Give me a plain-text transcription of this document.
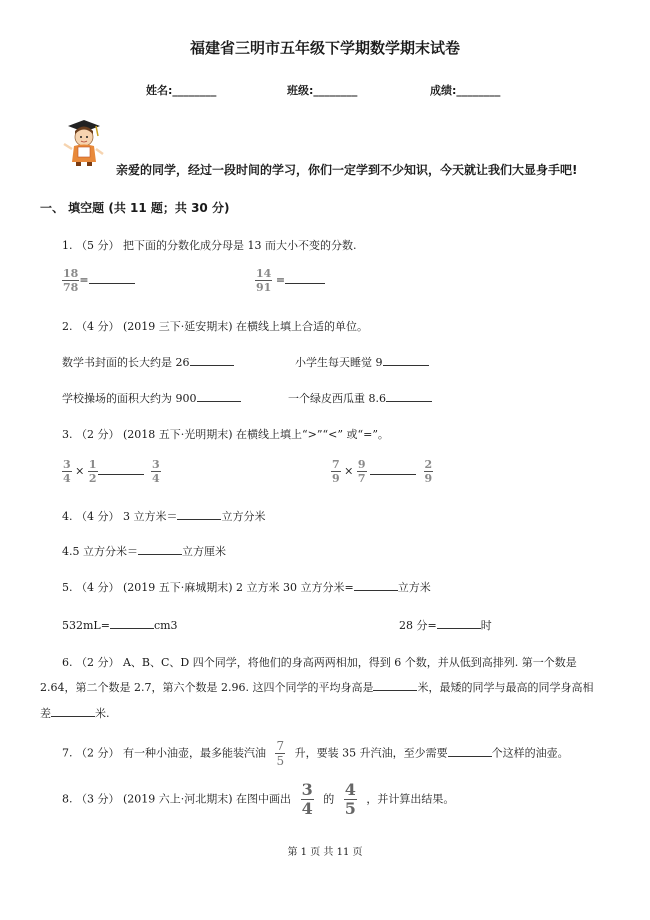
福建省三明市五年级下学期数学期末试卷
姓名:________	班级:________	成绩:________
亲爱的同学，经过一段时间的学习，你们一定学到不少知识，今天就让我们大显身手吧!
一、 填空题 (共 11 题；共 30 分)
1. （5 分） 把下面的分数化成分母是 13 而大小不变的分数.
$\frac{18}{78}$ =	$\frac{14}{91}$ =
2. （4 分） (2019 三下·延安期末) 在横线上填上合适的单位。
数学书封面的长大约是 26	小学生每天睡觉 9
学校操场的面积大约为 900	一个绿皮西瓜重 8.6
3. （2 分） (2018 五下·光明期末) 在横线上填上“>”“<” 或“=”。
$\frac{3}{4} \times \frac{1}{2}$
	$\frac{3}{4}$	$\frac{7}{9} \times \frac{9}{7}$
	$\frac{2}{9}$
4. （4 分） 3 立方米＝	立方分米
4.5 立方分米＝	立方厘米
5. （4 分） (2019 五下·麻城期末) 2 立方米 30 立方分米=	立方米
532mL=	cm3	28 分=	时
6. （2 分） A、B、C、D 四个同学，将他们的身高两两相加，得到 6 个数，并从低到高排列. 第一个数是
2.64，第二个数是 2.7，第六个数是 2.96. 这四个同学的平均身高是	米，最矮的同学与最高的同学身高相
差	米.
7. （2 分） 有一种小油壶，最多能装汽油 $\frac{7}{5}$ 升，要装 35 升汽油，至少需要	个这样的油壶。
8. （3 分） (2019 六上·河北期末) 在图中画出 $\frac{3}{4}$ 的 $\frac{4}{5}$ ，并计算出结果。
第 1 页 共 11 页
